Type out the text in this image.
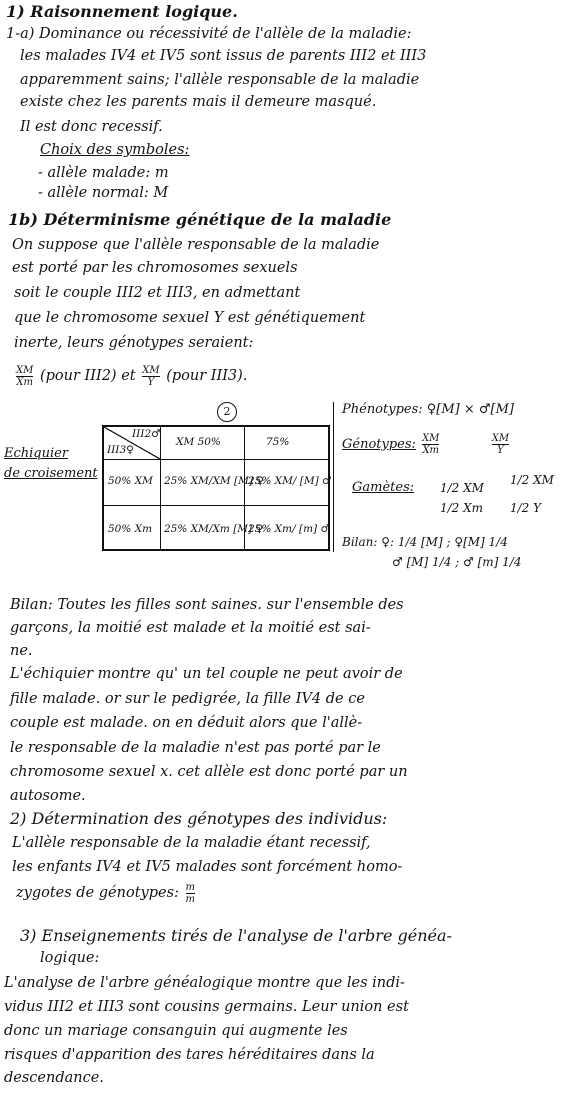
1) Raisonnement logique.

1-a) Dominance ou récessivité de l'allèle de la maladie:

les malades IV4 et IV5 sont issus de parents III2 et III3

apparemment sains; l'allèle responsable de la maladie

existe chez les parents mais il demeure masqué.

Il est donc recessif.

Choix des symboles:

- allèle malade: m

- allèle normal: M

1b) Déterminisme génétique de la maladie

On suppose que l'allèle responsable de la maladie

est porté par les chromosomes sexuels

soit le couple III2 et III3, en admettant

que le chromosome sexuel Y est génétiquement

inerte, leurs génotypes seraient:

$\frac{XM}{Xm}$ (pour III2) et $\frac{XM}{Y}$ (pour III3).
2

Echiquier

de croisement

III2♂
III3♀
XM 50%	75%
50% XM 25% XM/XM [M] ♀
25% XM/ [M] ♂
50% Xm 25% XM/Xm [M] ♀
25% Xm/ [m] ♂

Phénotypes: ♀[M] × ♂[M]

Génotypes: $\frac{XM}{Xm}$
	$\frac{XM}{Y}$

Gamètes: 1/2 XM

1/2 Xm

1/2 XM

1/2 Y

Bilan: ♀: 1/4 [M] ; ♀[M] 1/4

♂ [M] 1/4 ; ♂ [m] 1/4

Bilan: Toutes les filles sont saines. sur l'ensemble des

garçons, la moitié est malade et la moitié est sai-

ne.

L'échiquier montre qu' un tel couple ne peut avoir de

fille malade. or sur le pedigrée, la fille IV4 de ce

couple est malade. on en déduit alors que l'allè-

le responsable de la maladie n'est pas porté par le

chromosome sexuel x. cet allèle est donc porté par un

autosome.

2) Détermination des génotypes des individus:

L'allèle responsable de la maladie étant recessif,

les enfants IV4 et IV5 malades sont forcément homo-

zygotes de génotypes: $\frac{m}{m}$

3) Enseignements tirés de l'analyse de l'arbre généa-

logique:

L'analyse de l'arbre généalogique montre que les indi-

vidus III2 et III3 sont cousins germains. Leur union est

donc un mariage consanguin qui augmente les

risques d'apparition des tares héréditaires dans la

descendance.
